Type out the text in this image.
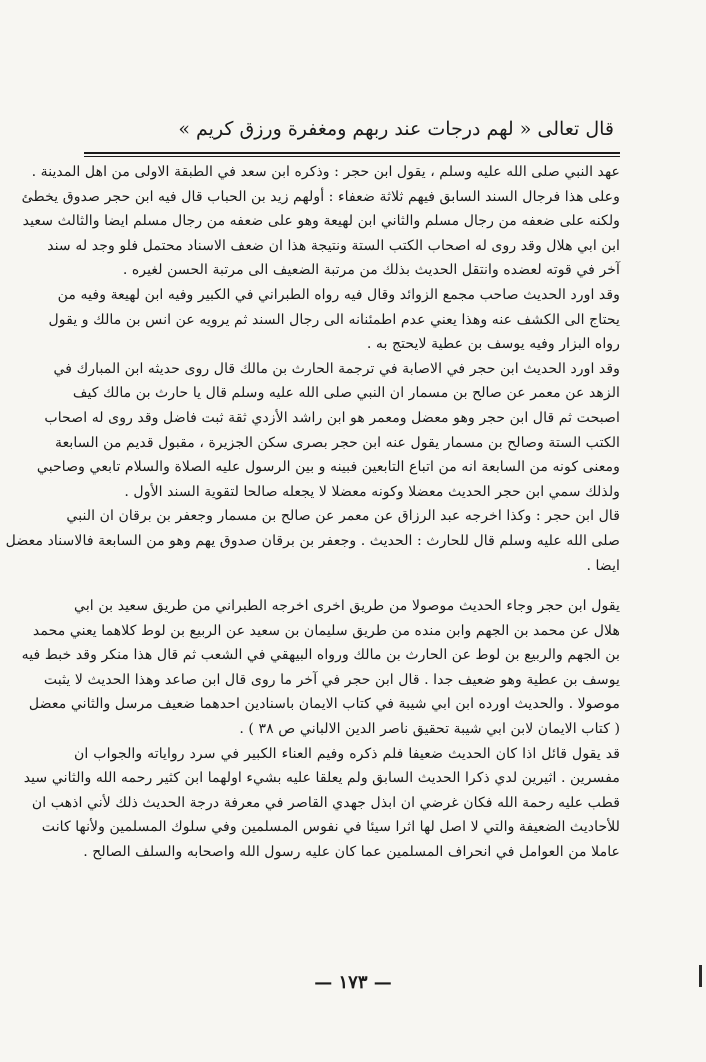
قال تعالى « لهم درجات عند ربهم ومغفرة ورزق كريم »

عهد النبي صلى الله عليه وسلم ، يقول ابن حجر : وذكره ابن سعد في الطبقة الاولى من اهل المدينة .
وعلى هذا فرجال السند السابق فيهم ثلاثة ضعفاء : أولهم زيد بن الحباب قال فيه ابن حجر صدوق يخطئ
ولكنه على ضعفه من رجال مسلم والثاني ابن لهيعة وهو على ضعفه من رجال مسلم ايضا والثالث سعيد
ابن ابي هلال وقد روى له اصحاب الكتب الستة ونتيجة هذا ان ضعف الاسناد محتمل فلو وجد له سند
آخر في قوته لعضده وانتقل الحديث بذلك من مرتبة الضعيف الى مرتبة الحسن لغيره .

وقد اورد الحديث صاحب مجمع الزوائد وقال فيه رواه الطبراني في الكبير وفيه ابن لهيعة وفيه من
يحتاج الى الكشف عنه وهذا يعني عدم اطمئنانه الى رجال السند ثم يرويه عن انس بن مالك و يقول
رواه البزار وفيه يوسف بن عطية لايحتج به .

وقد اورد الحديث ابن حجر في الاصابة في ترجمة الحارث بن مالك قال روى حديثه ابن المبارك في
الزهد عن معمر عن صالح بن مسمار ان النبي صلى الله عليه وسلم قال يا حارث بن مالك كيف
اصبحت ثم قال ابن حجر وهو معضل ومعمر هو ابن راشد الأزدي ثقة ثبت فاضل وقد روى له اصحاب
الكتب الستة وصالح بن مسمار يقول عنه ابن حجر بصرى سكن الجزيرة ، مقبول قديم من السابعة
ومعنى كونه من السابعة انه من اتباع التابعين فبينه و بين الرسول عليه الصلاة والسلام تابعي وصاحبي
ولذلك سمي ابن حجر الحديث معضلا وكونه معضلا لا يجعله صالحا لتقوية السند الأول .

قال ابن حجر : وكذا اخرجه عبد الرزاق عن معمر عن صالح بن مسمار وجعفر بن برقان ان النبي
صلى الله عليه وسلم قال للحارث : الحديث . وجعفر بن برقان صدوق يهم وهو من السابعة فالاسناد معضل
ايضا .

يقول ابن حجر وجاء الحديث موصولا من طريق اخرى اخرجه الطبراني من طريق سعيد بن ابي
هلال عن محمد بن الجهم وابن منده من طريق سليمان بن سعيد عن الربيع بن لوط كلاهما يعني محمد
بن الجهم والربيع بن لوط عن الحارث بن مالك ورواه البيهقي في الشعب ثم قال هذا منكر وقد خبط فيه
يوسف بن عطية وهو ضعيف جدا . قال ابن حجر في آخر ما روى قال ابن صاعد وهذا الحديث لا يثبت
موصولا . والحديث اورده ابن ابي شيبة في كتاب الايمان باسنادين احدهما ضعيف مرسل والثاني معضل
( كتاب الايمان لابن ابي شيبة تحقيق ناصر الدين الالباني ص ٣٨ ) .

قد يقول قائل اذا كان الحديث ضعيفا فلم ذكره وفيم العناء الكبير في سرد رواياته والجواب ان
مفسرين . اثيرين لدي ذكرا الحديث السابق ولم يعلقا عليه بشيء اولهما ابن كثير رحمه الله والثاني سيد
قطب عليه رحمة الله فكان غرضي ان ابذل جهدي القاصر في معرفة درجة الحديث ذلك لأني اذهب ان
للأحاديث الضعيفة والتي لا اصل لها اثرا سيئا في نفوس المسلمين وفي سلوك المسلمين ولأنها كانت
عاملا من العوامل في انحراف المسلمين عما كان عليه رسول الله واصحابه والسلف الصالح .

— ١٧٣ —
